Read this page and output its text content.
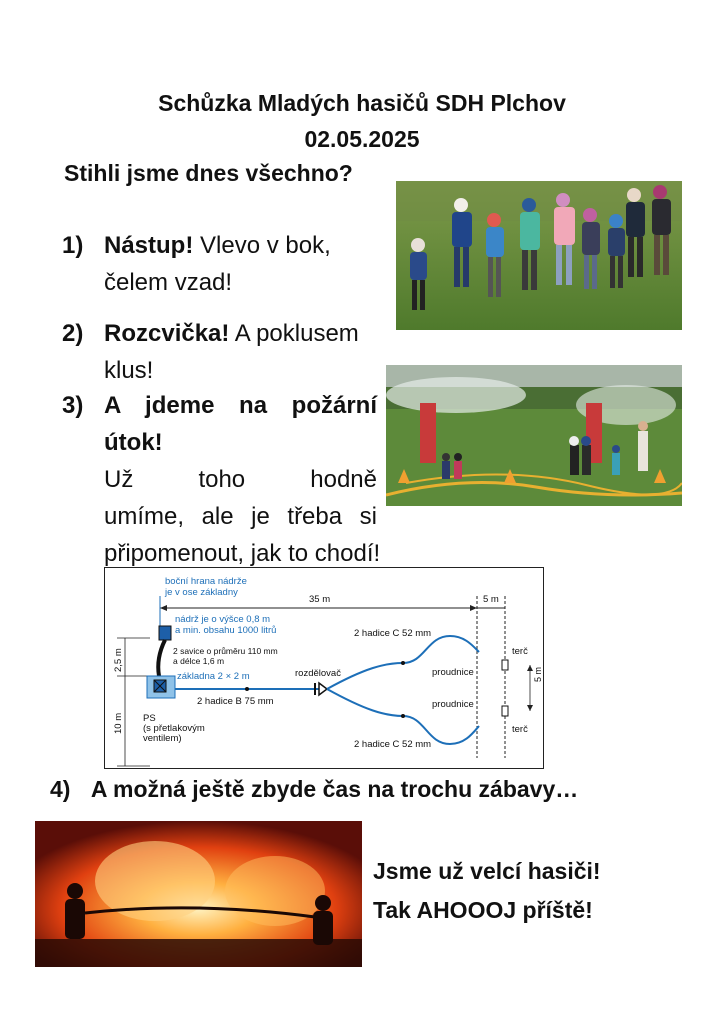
Schůzka Mladých hasičů SDH Plchov
02.05.2025
Stihli jsme dnes všechno?
1) Nástup! Vlevo v bok,
čelem vzad!
2) Rozcvička! A poklusem
klus!
3) A jdeme na požární
útok!
Už toho hodně
umíme, ale je třeba si
připomenout, jak to chodí!
boční hrana nádrže
je v ose základny
35 m	5 m
nádrž je o výšce 0,8 m
a min. obsahu 1000 litrů	2 hadice C 52 mm
2 savice o průměru 110 mm
a délce 1,6 m
základna 2 × 2 m	rozdělovač	proudnice
proudnice
terč
terč
5 m
2 hadice B 75 mm
2 hadice C 52 mm
PS
(s přetlakovým
ventilem)
2,5 m
10 m
4) A možná ještě zbyde čas na trochu zábavy…
Jsme už velcí hasiči!
Tak AHOOOJ příště!
